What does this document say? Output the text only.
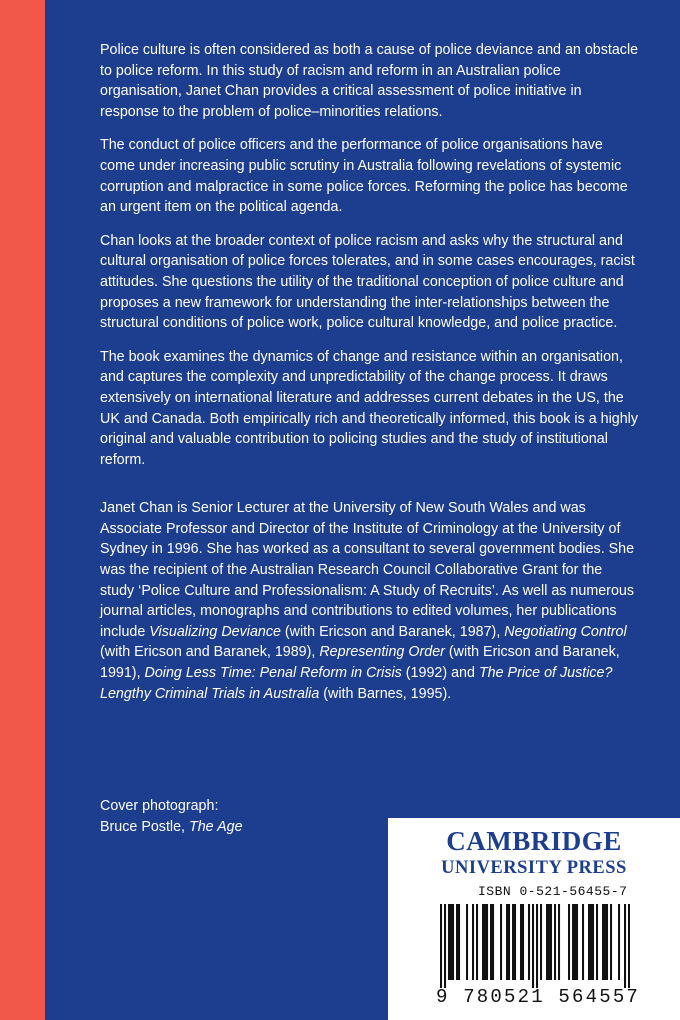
Police culture is often considered as both a cause of police deviance and an obstacle to police reform. In this study of racism and reform in an Australian police organisation, Janet Chan provides a critical assessment of police initiative in response to the problem of police–minorities relations.

The conduct of police officers and the performance of police organisations have come under increasing public scrutiny in Australia following revelations of systemic corruption and malpractice in some police forces. Reforming the police has become an urgent item on the political agenda.

Chan looks at the broader context of police racism and asks why the structural and cultural organisation of police forces tolerates, and in some cases encourages, racist attitudes. She questions the utility of the traditional conception of police culture and proposes a new framework for understanding the inter-relationships between the structural conditions of police work, police cultural knowledge, and police practice.

The book examines the dynamics of change and resistance within an organisation, and captures the complexity and unpredictability of the change process. It draws extensively on international literature and addresses current debates in the US, the UK and Canada. Both empirically rich and theoretically informed, this book is a highly original and valuable contribution to policing studies and the study of institutional reform.

Janet Chan is Senior Lecturer at the University of New South Wales and was Associate Professor and Director of the Institute of Criminology at the University of Sydney in 1996. She has worked as a consultant to several government bodies. She was the recipient of the Australian Research Council Collaborative Grant for the study ‘Police Culture and Professionalism: A Study of Recruits’. As well as numerous journal articles, monographs and contributions to edited volumes, her publications include Visualizing Deviance (with Ericson and Baranek, 1987), Negotiating Control (with Ericson and Baranek, 1989), Representing Order (with Ericson and Baranek, 1991), Doing Less Time: Penal Reform in Crisis (1992) and The Price of Justice? Lengthy Criminal Trials in Australia (with Barnes, 1995).

Cover photograph:
Bruce Postle, The Age	CAMBRIDGE
UNIVERSITY PRESS
ISBN 0-521-56455-7
9 780521 564557
